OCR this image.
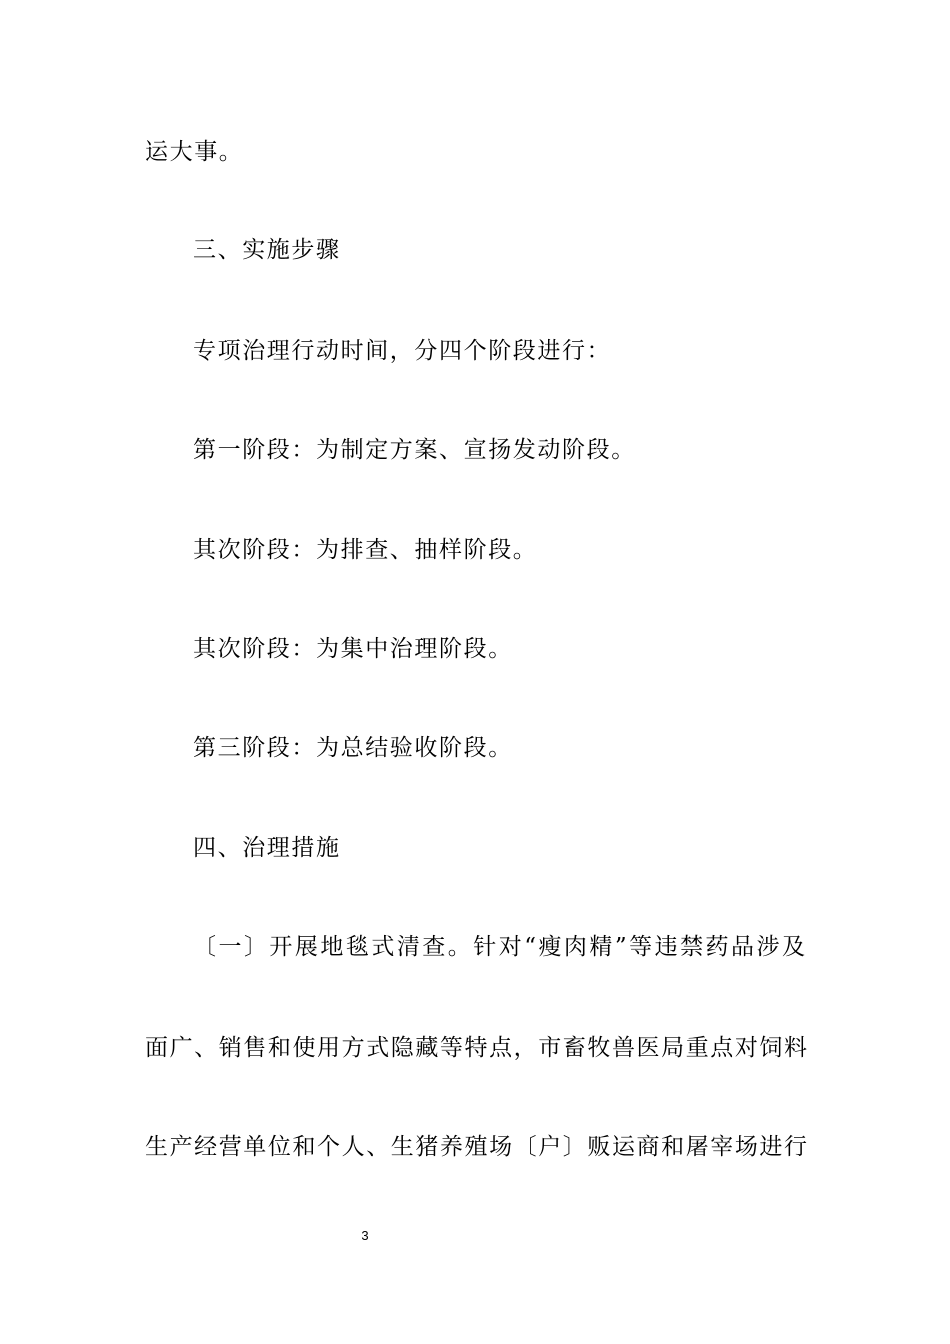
运大事。
三、实施步骤
专项治理行动时间，分四个阶段进行：
第一阶段：为制定方案、宣扬发动阶段。
其次阶段：为排查、抽样阶段。
其次阶段：为集中治理阶段。
第三阶段：为总结验收阶段。
四、治理措施
〔一〕开展地毯式清查。针对“瘦肉精”等违禁药品涉及
面广、销售和使用方式隐藏等特点，市畜牧兽医局重点对饲料
生产经营单位和个人、生猪养殖场〔户〕贩运商和屠宰场进行
3
